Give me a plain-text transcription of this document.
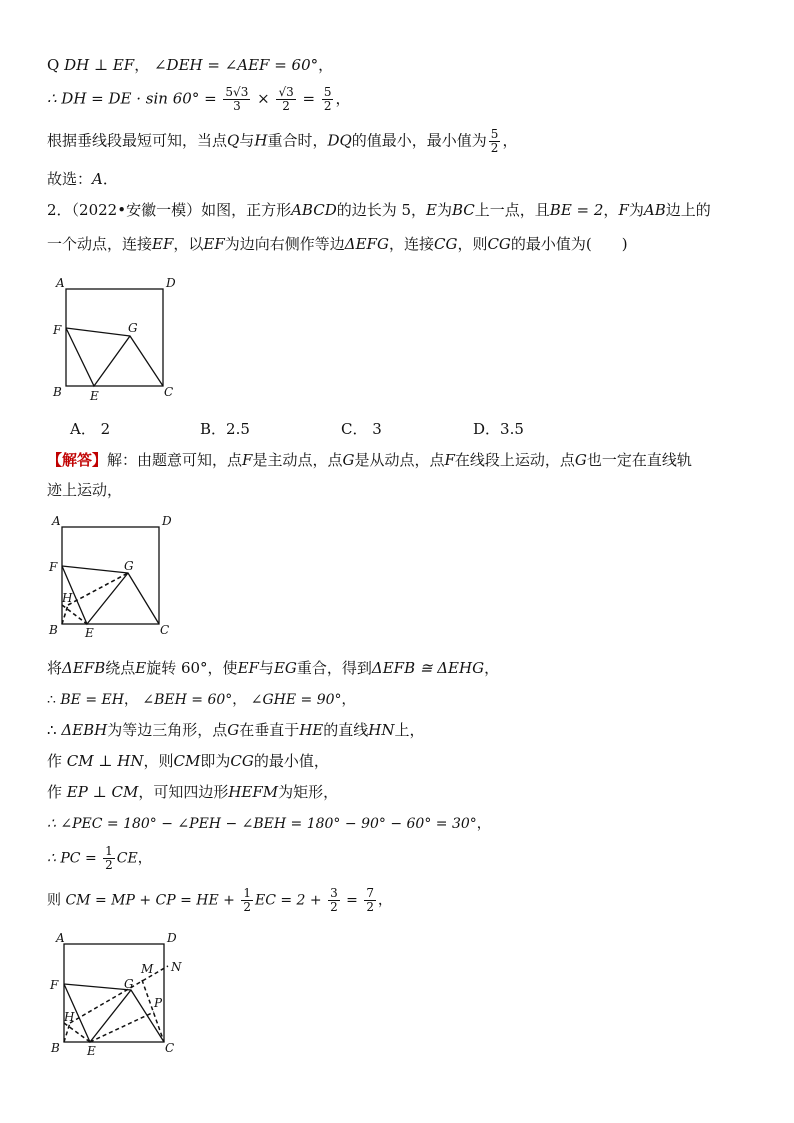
Q DH ⊥ EF， ∠DEH = ∠AEF = 60°，
∴ DH = DE · $\sin 60^\circ = \frac{5√3}{3} \times \frac{√3}{2} = \frac{5}{2}$ ，
根据垂线段最短可知，当点Q与H重合时，DQ的值最小，最小值为 $\frac{5}{2}$ ，
故选：A．
2．（2022•安徽一模）如图，正方形ABCD的边长为 5，E为BC上一点，且BE = 2，F为AB边上的
一个动点，连接EF，以EF为边向右侧作等边ΔEFG，连接CG，则CG的最小值为(　　)
A	D
F	G
B E	C
A． 2	B．2.5	C． 3	D．3.5
【解答】解：由题意可知，点F是主动点，点G是从动点，点F在线段上运动，点G也一定在直线轨
迹上运动，
A	D
F	G
H
B E	C
将ΔEFB绕点E旋转 60°，使EF与EG重合，得到ΔEFB ≅ ΔEHG，
∴ BE = EH， ∠BEH = 60°， ∠GHE = 90°，
∴ ΔEBH为等边三角形，点G在垂直于HE的直线HN上，
作 CM ⊥ HN，则CM即为CG的最小值，
作 EP ⊥ CM，可知四边形HEFM为矩形，
∴ ∠PEC = 180° − ∠PEH − ∠BEH = 180° − 90° − 60° = 30°，
∴ PC = $\frac{1}{2}$ CE，
则 CM = MP + CP = HE + $\frac{1}{2}$ EC = $2 + \frac{3}{2} = \frac{7}{2}$ ，
A	D
M N
F	G
P
H
B E	C
